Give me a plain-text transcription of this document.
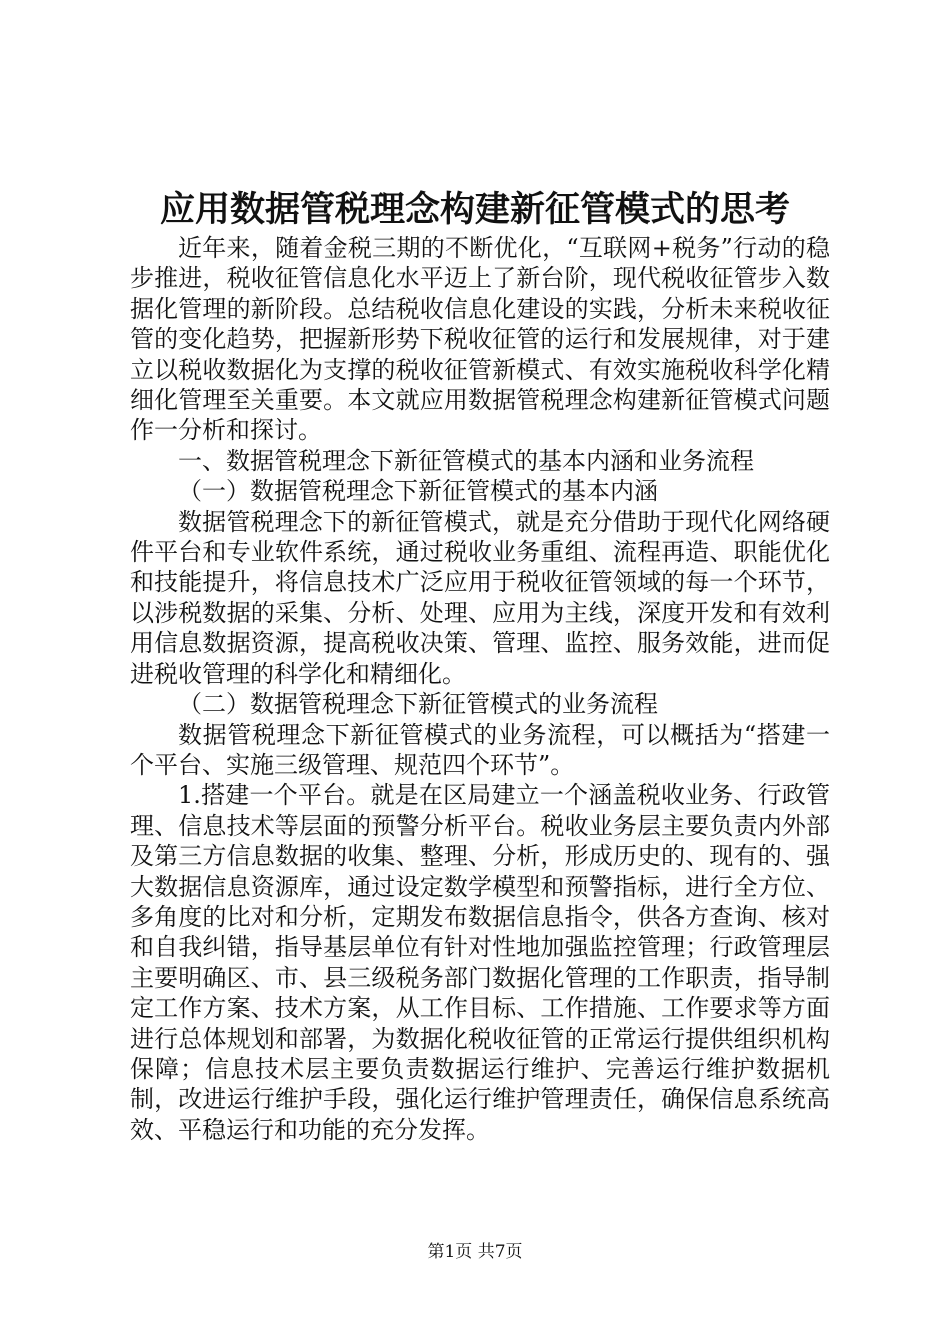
应用数据管税理念构建新征管模式的思考

近年来，随着金税三期的不断优化，“互联网+税务”行动的稳步推进，税收征管信息化水平迈上了新台阶，现代税收征管步入数据化管理的新阶段。总结税收信息化建设的实践，分析未来税收征管的变化趋势，把握新形势下税收征管的运行和发展规律，对于建立以税收数据化为支撑的税收征管新模式、有效实施税收科学化精细化管理至关重要。本文就应用数据管税理念构建新征管模式问题作一分析和探讨。

一、数据管税理念下新征管模式的基本内涵和业务流程

（一）数据管税理念下新征管模式的基本内涵

数据管税理念下的新征管模式，就是充分借助于现代化网络硬件平台和专业软件系统，通过税收业务重组、流程再造、职能优化和技能提升，将信息技术广泛应用于税收征管领域的每一个环节，以涉税数据的采集、分析、处理、应用为主线，深度开发和有效利用信息数据资源，提高税收决策、管理、监控、服务效能，进而促进税收管理的科学化和精细化。

（二）数据管税理念下新征管模式的业务流程

数据管税理念下新征管模式的业务流程，可以概括为“搭建一个平台、实施三级管理、规范四个环节”。

1.搭建一个平台。就是在区局建立一个涵盖税收业务、行政管理、信息技术等层面的预警分析平台。税收业务层主要负责内外部及第三方信息数据的收集、整理、分析，形成历史的、现有的、强大数据信息资源库，通过设定数学模型和预警指标，进行全方位、多角度的比对和分析，定期发布数据信息指令，供各方查询、核对和自我纠错，指导基层单位有针对性地加强监控管理；行政管理层主要明确区、市、县三级税务部门数据化管理的工作职责，指导制定工作方案、技术方案，从工作目标、工作措施、工作要求等方面进行总体规划和部署，为数据化税收征管的正常运行提供组织机构保障；信息技术层主要负责数据运行维护、完善运行维护数据机制，改进运行维护手段，强化运行维护管理责任，确保信息系统高效、平稳运行和功能的充分发挥。

第1页 共7页
